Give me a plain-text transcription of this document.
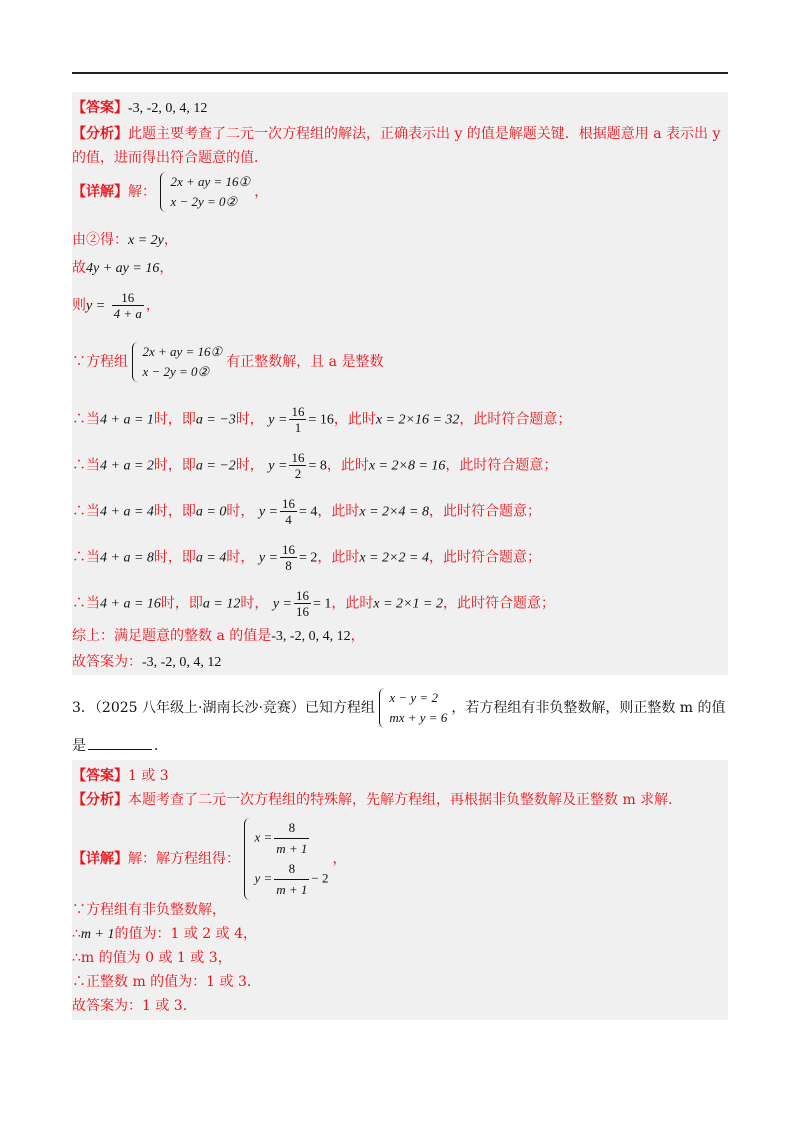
【答案】-3, -2, 0, 4, 12
【分析】此题主要考查了二元一次方程组的解法，正确表示出 y 的值是解题关键．根据题意用 a 表示出 y
的值，进而得出符合题意的值．
【详解】解：
2x + ay = 16①
x − 2y = 0②
，
由②得：x = 2y，
故4y + ay = 16，
则$y = \frac{16}{4 + a}$ ，
∵方程组
2x + ay = 16①
x − 2y = 0②
有正整数解，且 a 是整数
∴当4 + a = 1时，即a = −3时， $y = \frac{16}{1} = 16$，此时x = 2×16 = 32，此时符合题意；
∴当4 + a = 2时，即a = −2时， $y = \frac{16}{2} = 8$，此时x = 2×8 = 16，此时符合题意；
∴当4 + a = 4时，即a = 0时， $y = \frac{16}{4} = 4$，此时x = 2×4 = 8，此时符合题意；
∴当4 + a = 8时，即a = 4时， $y = \frac{16}{8} = 2$，此时x = 2×2 = 4，此时符合题意；
∴当4 + a = 16时，即a = 12时， $y = \frac{16}{16} = 1$，此时x = 2×1 = 2，此时符合题意；
综上：满足题意的整数 a 的值是-3, -2, 0, 4, 12，
故答案为：-3, -2, 0, 4, 12
3．（2025 八年级上·湖南长沙·竞赛）已知方程组
x − y = 2
mx + y = 6
，若方程组有非负整数解，则正整数 m 的值
是	．
【答案】1 或 3
【分析】本题考查了二元一次方程组的特殊解，先解方程组，再根据非负整数解及正整数 m 求解．
【详解】解：解方程组得：
$x = \frac{8}{m + 1}$
$y = \frac{8}{m + 1} - 2$
，
∵方程组有非负整数解，
∴m + 1的值为：1 或 2 或 4，
∴m 的值为 0 或 1 或 3，
∴正整数 m 的值为：1 或 3．
故答案为：1 或 3．
